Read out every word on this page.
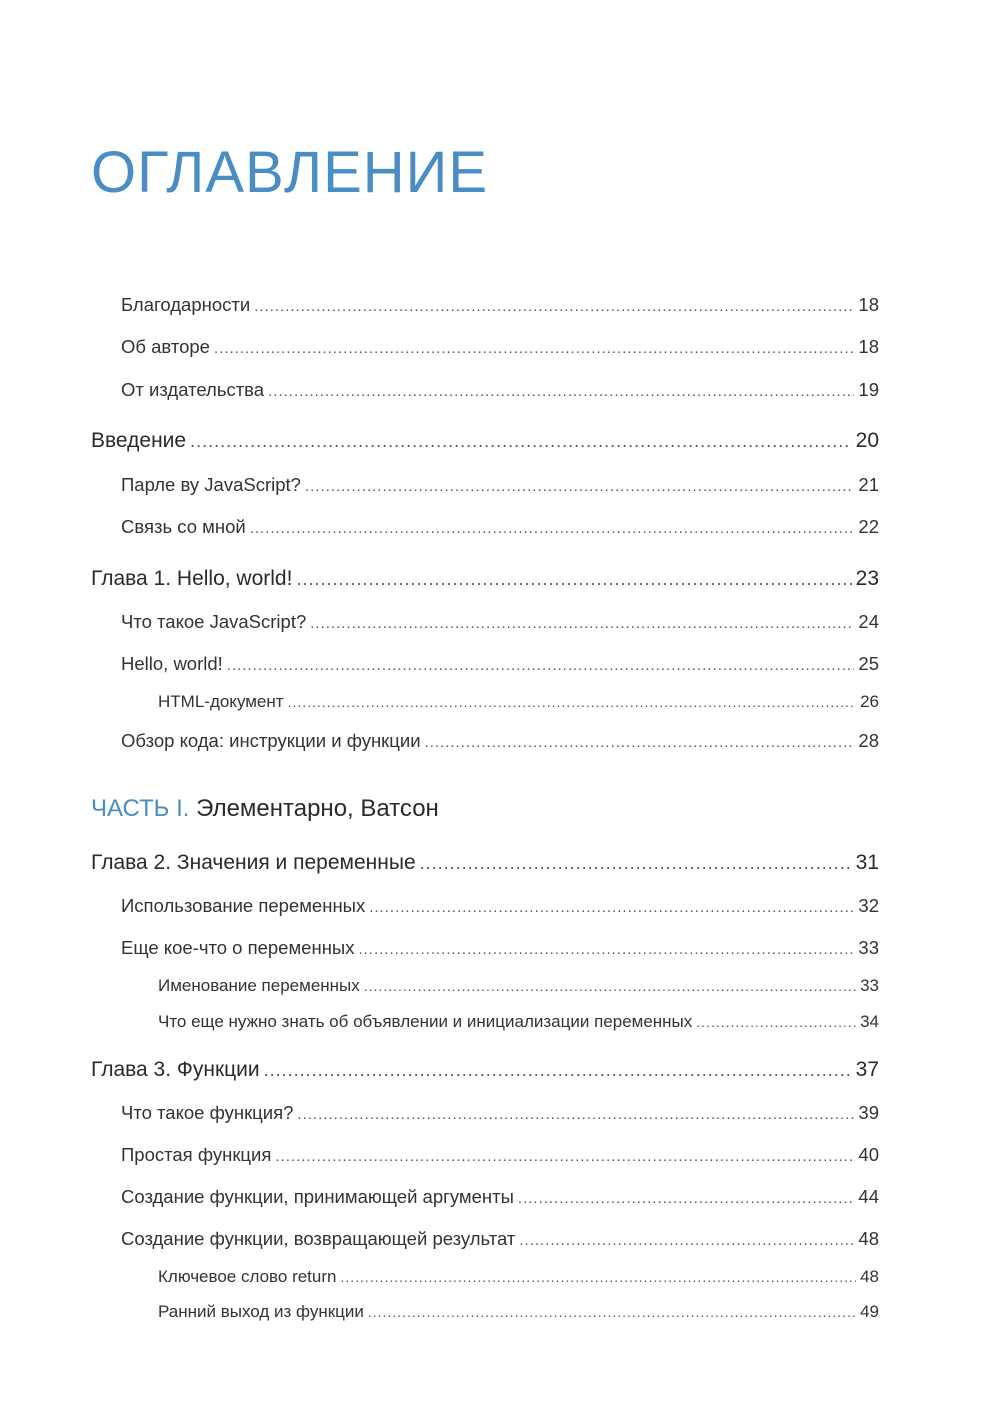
ОГЛАВЛЕНИЕ
Благодарности .....	18
Об авторе .....	18
От издательства .....	19
Введение .....	20
Парле ву JavaScript? .....	21
Связь со мной .....	22
Глава 1. Hello, world! .....	23
Что такое JavaScript? .....	24
Hello, world! .....	25
HTML-документ .....	26
Обзор кода: инструкции и функции .....	28
ЧАСТЬ I. Элементарно, Ватсон
Глава 2. Значения и переменные .....	31
Использование переменных .....	32
Еще кое-что о переменных .....	33
Именование переменных .....	33
Что еще нужно знать об объявлении и инициализации переменных .....	34
Глава 3. Функции .....	37
Что такое функция? .....	39
Простая функция .....	40
Создание функции, принимающей аргументы .....	44
Создание функции, возвращающей результат .....	48
Ключевое слово return .....	48
Ранний выход из функции .....	49
